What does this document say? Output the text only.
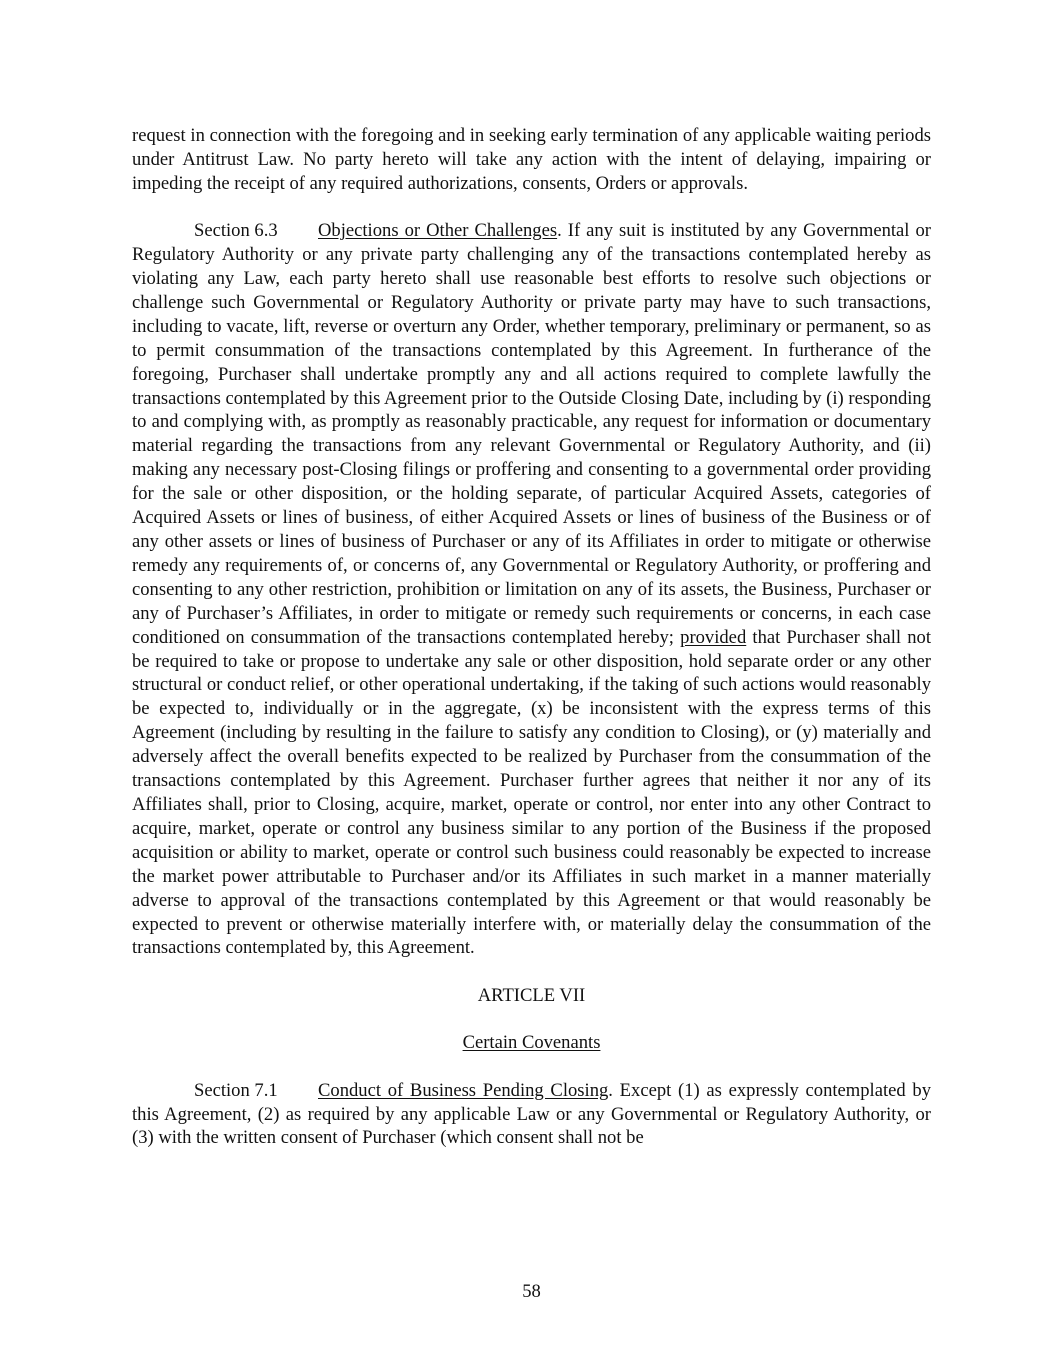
request in connection with the foregoing and in seeking early termination of any applicable waiting periods under Antitrust Law. No party hereto will take any action with the intent of delaying, impairing or impeding the receipt of any required authorizations, consents, Orders or approvals.

Section 6.3 Objections or Other Challenges. If any suit is instituted by any Governmental or Regulatory Authority or any private party challenging any of the transactions contemplated hereby as violating any Law, each party hereto shall use reasonable best efforts to resolve such objections or challenge such Governmental or Regulatory Authority or private party may have to such transactions, including to vacate, lift, reverse or overturn any Order, whether temporary, preliminary or permanent, so as to permit consummation of the transactions contemplated by this Agreement. In furtherance of the foregoing, Purchaser shall undertake promptly any and all actions required to complete lawfully the transactions contemplated by this Agreement prior to the Outside Closing Date, including by (i) responding to and complying with, as promptly as reasonably practicable, any request for information or documentary material regarding the transactions from any relevant Governmental or Regulatory Authority, and (ii) making any necessary post-Closing filings or proffering and consenting to a governmental order providing for the sale or other disposition, or the holding separate, of particular Acquired Assets, categories of Acquired Assets or lines of business, of either Acquired Assets or lines of business of the Business or of any other assets or lines of business of Purchaser or any of its Affiliates in order to mitigate or otherwise remedy any requirements of, or concerns of, any Governmental or Regulatory Authority, or proffering and consenting to any other restriction, prohibition or limitation on any of its assets, the Business, Purchaser or any of Purchaser’s Affiliates, in order to mitigate or remedy such requirements or concerns, in each case conditioned on consummation of the transactions contemplated hereby; provided that Purchaser shall not be required to take or propose to undertake any sale or other disposition, hold separate order or any other structural or conduct relief, or other operational undertaking, if the taking of such actions would reasonably be expected to, individually or in the aggregate, (x) be inconsistent with the express terms of this Agreement (including by resulting in the failure to satisfy any condition to Closing), or (y) materially and adversely affect the overall benefits expected to be realized by Purchaser from the consummation of the transactions contemplated by this Agreement. Purchaser further agrees that neither it nor any of its Affiliates shall, prior to Closing, acquire, market, operate or control, nor enter into any other Contract to acquire, market, operate or control any business similar to any portion of the Business if the proposed acquisition or ability to market, operate or control such business could reasonably be expected to increase the market power attributable to Purchaser and/or its Affiliates in such market in a manner materially adverse to approval of the transactions contemplated by this Agreement or that would reasonably be expected to prevent or otherwise materially interfere with, or materially delay the consummation of the transactions contemplated by, this Agreement.

ARTICLE VII

Certain Covenants

Section 7.1 Conduct of Business Pending Closing. Except (1) as expressly contemplated by this Agreement, (2) as required by any applicable Law or any Governmental or Regulatory Authority, or (3) with the written consent of Purchaser (which consent shall not be

58
